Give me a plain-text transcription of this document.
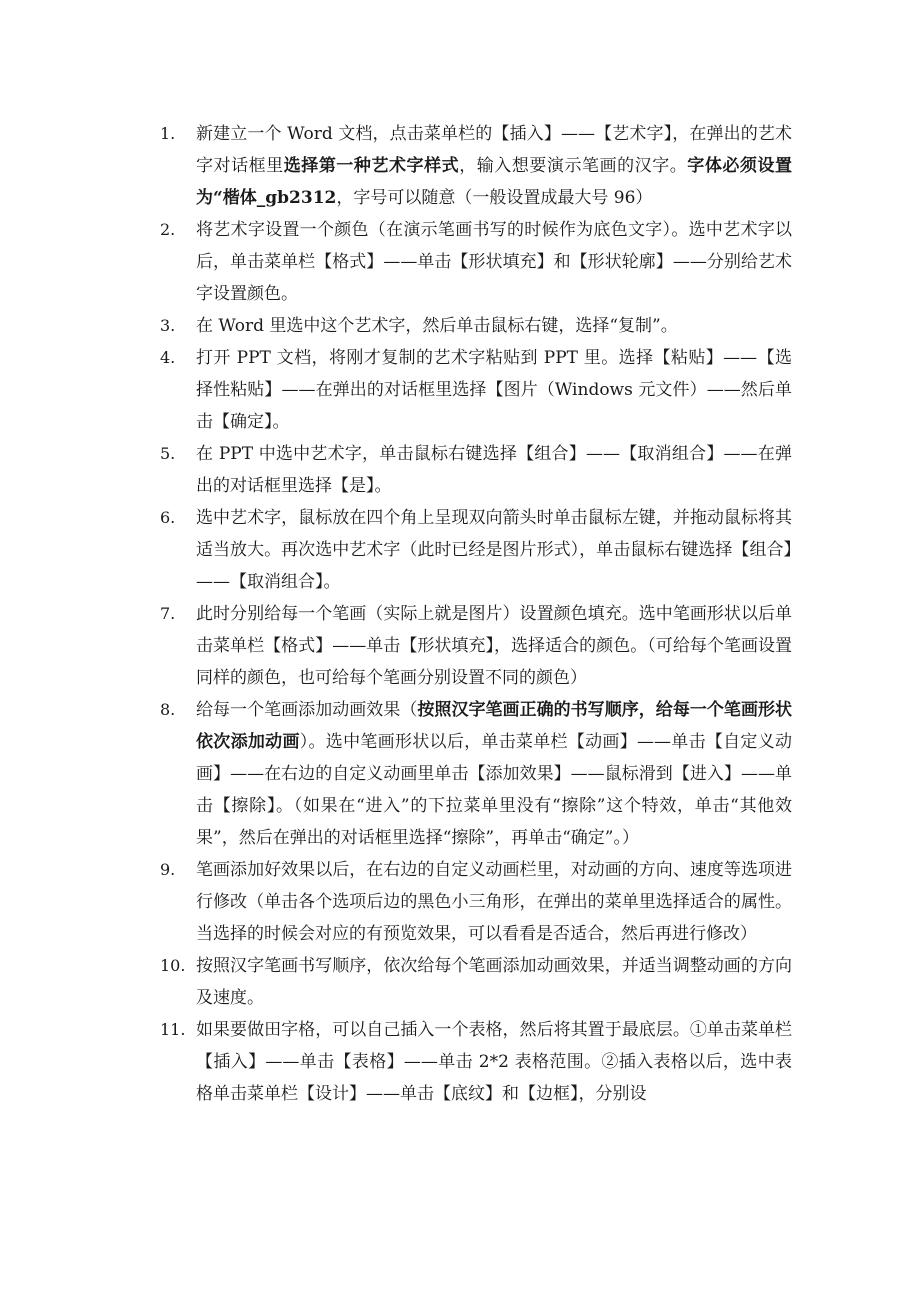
1.	新建立一个 Word 文档，点击菜单栏的【插入】——【艺术字】，在弹出的艺术字对话框里选择第一种艺术字样式，输入想要演示笔画的汉字。字体必须设置为“楷体_gb2312，字号可以随意（一般设置成最大号 96）
2.	将艺术字设置一个颜色（在演示笔画书写的时候作为底色文字）。选中艺术字以后，单击菜单栏【格式】——单击【形状填充】和【形状轮廓】——分别给艺术字设置颜色。
3.	在 Word 里选中这个艺术字，然后单击鼠标右键，选择“复制”。
4.	打开 PPT 文档，将刚才复制的艺术字粘贴到 PPT 里。选择【粘贴】——【选择性粘贴】——在弹出的对话框里选择【图片（Windows 元文件）——然后单击【确定】。
5.	在 PPT 中选中艺术字，单击鼠标右键选择【组合】——【取消组合】——在弹出的对话框里选择【是】。
6.	选中艺术字，鼠标放在四个角上呈现双向箭头时单击鼠标左键，并拖动鼠标将其适当放大。再次选中艺术字（此时已经是图片形式），单击鼠标右键选择【组合】——【取消组合】。
7.	此时分别给每一个笔画（实际上就是图片）设置颜色填充。选中笔画形状以后单击菜单栏【格式】——单击【形状填充】，选择适合的颜色。（可给每个笔画设置同样的颜色，也可给每个笔画分别设置不同的颜色）
8.	给每一个笔画添加动画效果（按照汉字笔画正确的书写顺序，给每一个笔画形状依次添加动画）。选中笔画形状以后，单击菜单栏【动画】——单击【自定义动画】——在右边的自定义动画里单击【添加效果】——鼠标滑到【进入】——单击【擦除】。（如果在“进入”的下拉菜单里没有“擦除”这个特效，单击“其他效果”，然后在弹出的对话框里选择“擦除”，再单击“确定”。）
9.	笔画添加好效果以后，在右边的自定义动画栏里，对动画的方向、速度等选项进行修改（单击各个选项后边的黑色小三角形，在弹出的菜单里选择适合的属性。当选择的时候会对应的有预览效果，可以看看是否适合，然后再进行修改）
10. 按照汉字笔画书写顺序，依次给每个笔画添加动画效果，并适当调整动画的方向及速度。
11. 如果要做田字格，可以自己插入一个表格，然后将其置于最底层。①单击菜单栏【插入】——单击【表格】——单击 2*2 表格范围。②插入表格以后，选中表格单击菜单栏【设计】——单击【底纹】和【边框】，分别设
